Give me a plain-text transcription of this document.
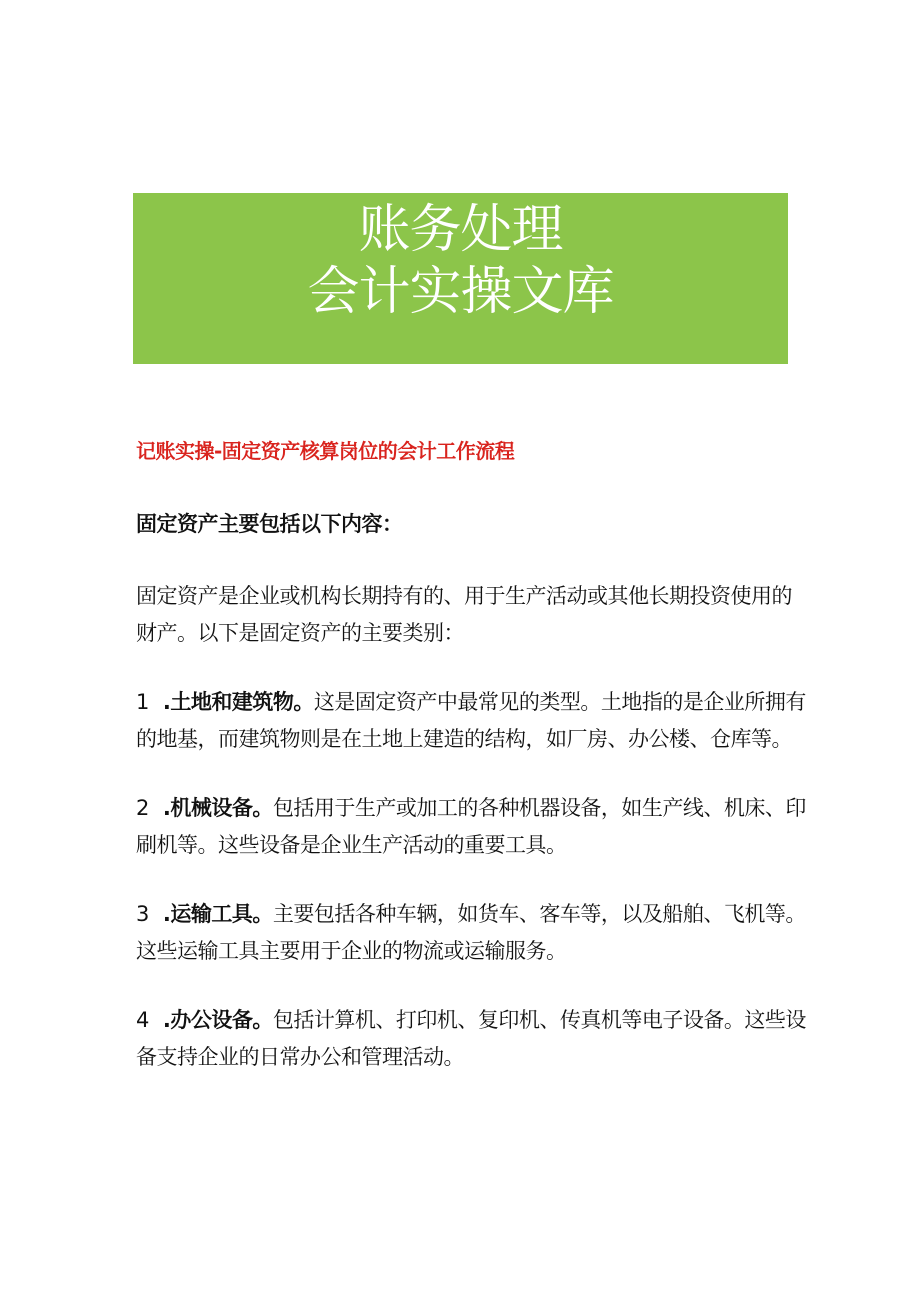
账务处理
会计实操文库
记账实操-固定资产核算岗位的会计工作流程
固定资产主要包括以下内容：

固定资产是企业或机构长期持有的、用于生产活动或其他长期投资使用的财产。以下是固定资产的主要类别：

1 .土地和建筑物。这是固定资产中最常见的类型。土地指的是企业所拥有的地基，而建筑物则是在土地上建造的结构，如厂房、办公楼、仓库等。

2 .机械设备。包括用于生产或加工的各种机器设备，如生产线、机床、印刷机等。这些设备是企业生产活动的重要工具。

3 .运输工具。主要包括各种车辆，如货车、客车等，以及船舶、飞机等。这些运输工具主要用于企业的物流或运输服务。

4 .办公设备。包括计算机、打印机、复印机、传真机等电子设备。这些设备支持企业的日常办公和管理活动。
